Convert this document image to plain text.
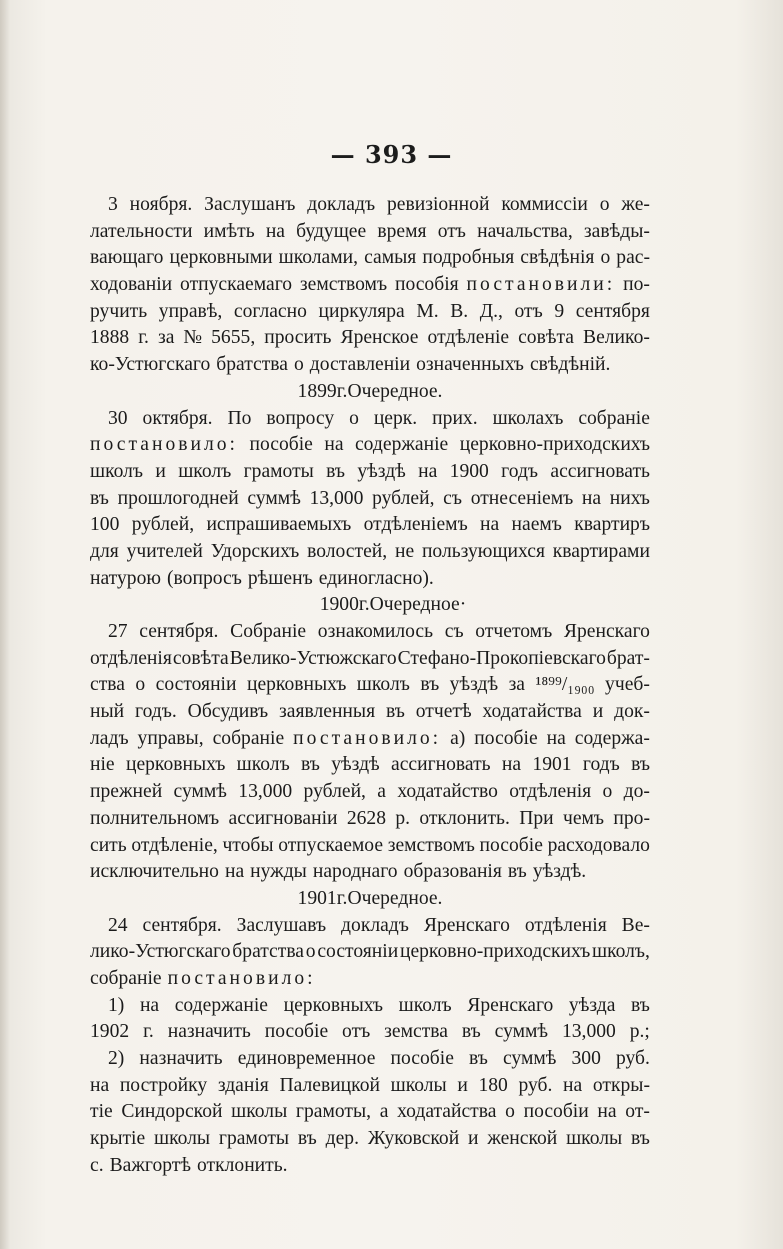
— 393 —
3 ноября. Заслушанъ докладъ ревизіонной коммиссіи о же-
лательности имѣть на будущее время отъ начальства, завѣды-
вающаго церковными школами, самыя подробныя свѣдѣнія о рас-
ходованіи отпускаемаго земствомъ пособія постановили: по-
ручить управѣ, согласно циркуляра М. В. Д., отъ 9 сентября
1888 г. за № 5655, просить Яренское отдѣленіе совѣта Велико-
ко-Устюгскаго братства о доставленіи означенныхъ свѣдѣній.
1899 г. Очередное.
30 октября. По вопросу о церк. прих. школахъ собраніе
постановило: пособіе на содержаніе церковно-приходскихъ
школъ и школъ грамоты въ уѣздѣ на 1900 годъ ассигновать
въ прошлогодней суммѣ 13,000 рублей, съ отнесеніемъ на нихъ
100 рублей, испрашиваемыхъ отдѣленіемъ на наемъ квартиръ
для учителей Удорскихъ волостей, не пользующихся квартирами
натурою (вопросъ рѣшенъ единогласно).
1900 г. Очередное·
27 сентября. Собраніе ознакомилось съ отчетомъ Яренскаго
отдѣленія совѣта Велико-Устюжскаго Стефано-Прокопіевскаго брат-
ства о состояніи церковныхъ школъ въ уѣздѣ за ¹⁸⁹⁹/₁₉₀₀ учеб-
ный годъ. Обсудивъ заявленныя въ отчетѣ ходатайства и док-
ладъ управы, собраніе постановило: а) пособіе на содержа-
ніе церковныхъ школъ въ уѣздѣ ассигновать на 1901 годъ въ
прежней суммѣ 13,000 рублей, а ходатайство отдѣленія о до-
полнительномъ ассигнованіи 2628 р. отклонить. При чемъ про-
сить отдѣленіе, чтобы отпускаемое земствомъ пособіе расходовало
исключительно на нужды народнаго образованія въ уѣздѣ.
1901 г. Очередное.
24 сентября. Заслушавъ докладъ Яренскаго отдѣленія Ве-
лико-Устюгскаго братства о состояніи церковно-приходскихъ школъ,
собраніе постановило:
1) на содержаніе церковныхъ школъ Яренскаго уѣзда въ
1902 г. назначить пособіе отъ земства въ суммѣ 13,000 р.;
2) назначить единовременное пособіе въ суммѣ 300 руб.
на постройку зданія Палевицкой школы и 180 руб. на откры-
тіе Синдорской школы грамоты, а ходатайства о пособіи на от-
крытіе школы грамоты въ дер. Жуковской и женской школы въ
с. Важгортѣ отклонить.
